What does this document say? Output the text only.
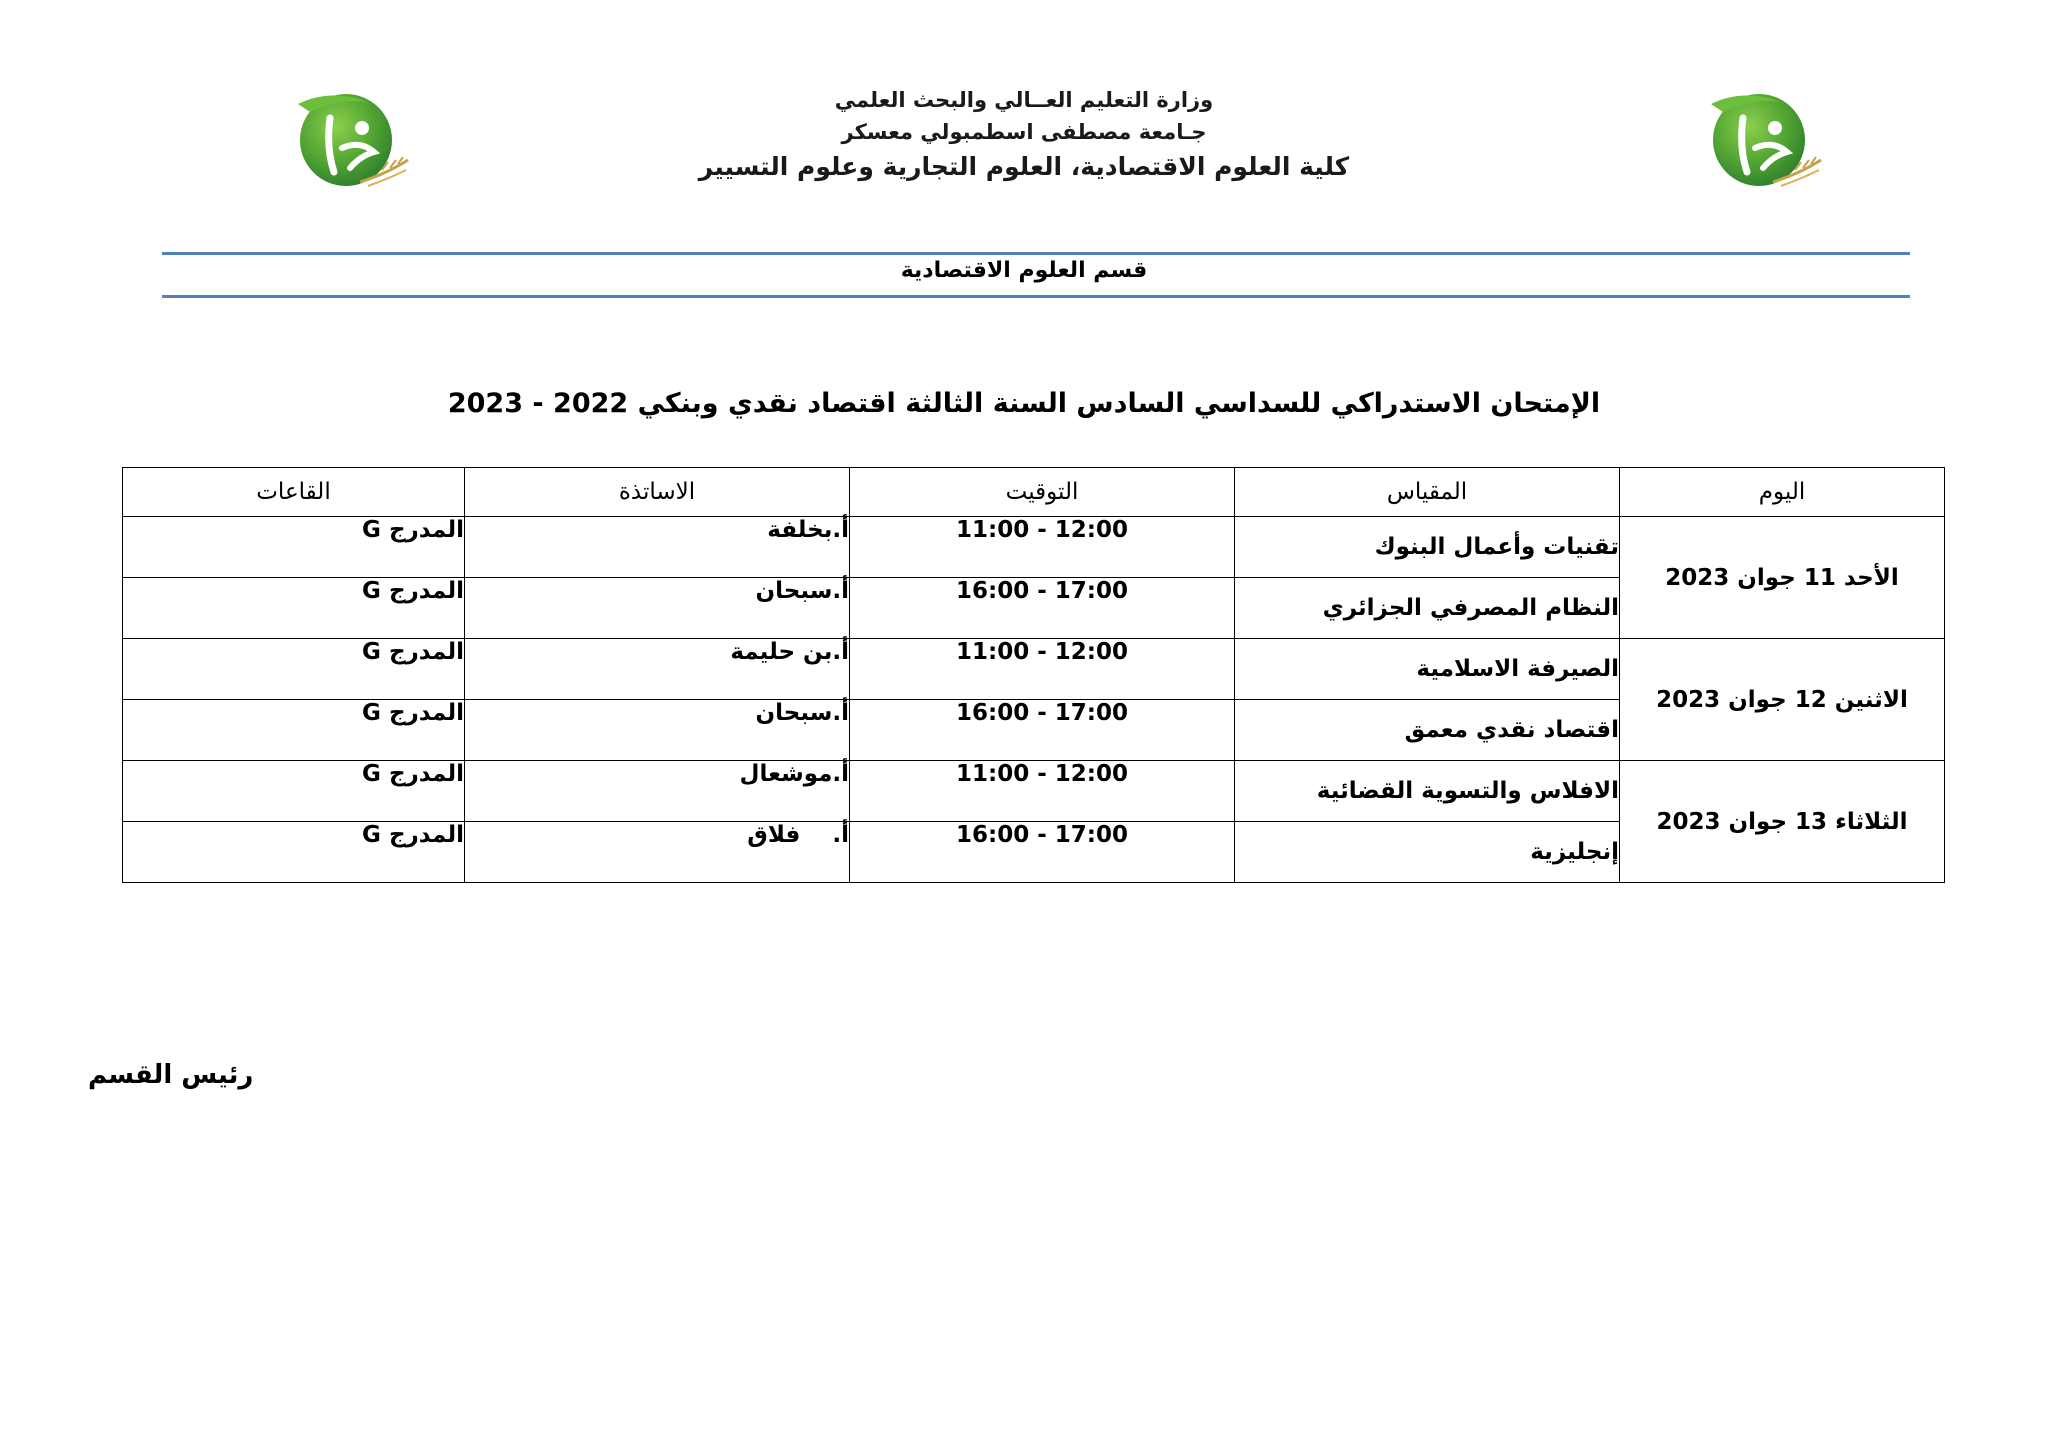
وزارة التعليم العــالي والبحث العلمي
جـامعة مصطفى اسطمبولي معسكر
كلية العلوم الاقتصادية، العلوم التجارية وعلوم التسيير
قسم العلوم الاقتصادية
الإمتحان الاستدراكي للسداسي السادس السنة الثالثة اقتصاد نقدي وبنكي 2022 - 2023
اليوم	المقياس	التوقيت	الاساتذة	القاعات
الأحد 11 جوان 2023	تقنيات وأعمال البنوك	11:00 - 12:00	أ.بخلفة	المدرج G
	النظام المصرفي الجزائري	16:00 - 17:00	أ.سبحان	المدرج G
الاثنين 12 جوان 2023	الصيرفة الاسلامية	11:00 - 12:00	أ.بن حليمة	المدرج G
	اقتصاد نقدي معمق	16:00 - 17:00	أ.سبحان	المدرج G
الثلاثاء 13 جوان 2023	الافلاس والتسوية القضائية	11:00 - 12:00	أ.موشعال	المدرج G
	إنجليزية	16:00 - 17:00	أ.    فلاق	المدرج G
رئيس القسم
